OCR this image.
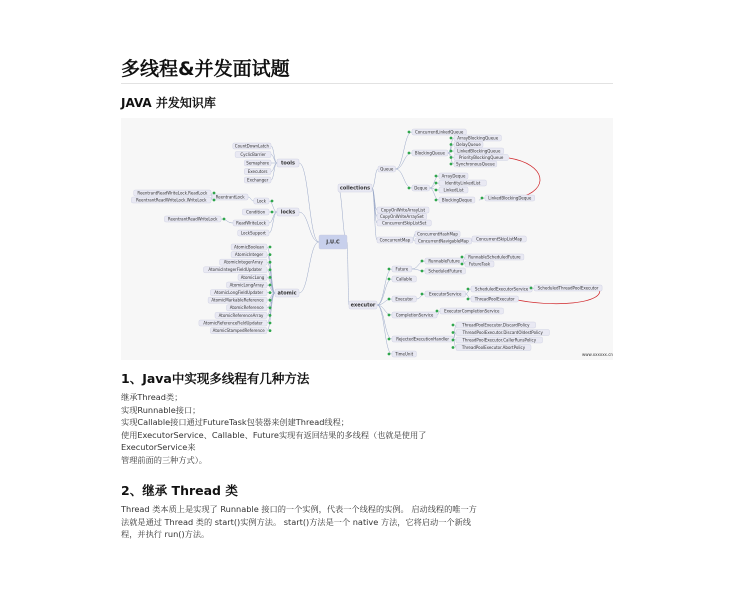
多线程&并发面试题
JAVA 并发知识库
J.U.C
tools
CountDownLatch
CyclicBarrier
Semaphore
Executors
Exchanger
locks
Lock
Condition
ReadWriteLock
LockSupport
ReentrantLock
ReentrantReadWriteLock.ReadLock
ReentrantReadWriteLock.WriteLock
ReentrantReadWriteLock
atomic
AtomicBoolean
AtomicInteger
AtomicIntegerArray
AtomicIntegerFieldUpdater
AtomicLong
AtomicLongArray
AtomicLongFieldUpdater
AtomicMarkableReference
AtomicReference
AtomicReferenceArray
AtomicReferenceFieldUpdater
AtomicStampedReference
collections
Queue
ConcurrentLinkedQueue
BlockingQueue
ArrayBlockingQueue
DelayQueue
LinkedBlockingQueue
PriorityBlockingQueue
SynchronousQueue
Deque
ArrayDeque
IdentityLinkedList
LinkedList
BlockingDeque	LinkedBlockingDeque
CopyOnWriteArrayList
CopyOnWriteArraySet
ConcurrentSkipListSet
ConcurrentMap
ConcurrentHashMap
ConcurrentNavigableMap ConcurrentSkipListMap
executor
Future
RunnableFuture
RunnableScheduledFuture
FutureTask
ScheduledFuture
Callable
Executor
ExecutorService
ScheduledExecutorService
ThreadPoolExecutor
ScheduledThreadPoolExecutor
CompletionService
ExecutorCompletionService
RejectedExecutionHandler
ThreadPoolExecutor.DiscardPolicy
ThreadPoolExecutor.DiscardOldestPolicy
ThreadPoolExecutor.CallerRunsPolicy
ThreadPoolExecutor.AbortPolicy
TimeUnit	www.xxxxxx.cn
1、Java中实现多线程有几种方法

继承Thread类；

实现Runnable接口；

实现Callable接口通过FutureTask包装器来创建Thread线程；

使用ExecutorService、Callable、Future实现有返回结果的多线程（也就是使用了ExecutorService来

管理前面的三种方式）。

2、继承 Thread 类

Thread 类本质上是实现了 Runnable 接口的一个实例，代表一个线程的实例。 启动线程的唯一方

法就是通过 Thread 类的 start()实例方法。 start()方法是一个 native 方法，它将启动一个新线

程，并执行 run()方法。
